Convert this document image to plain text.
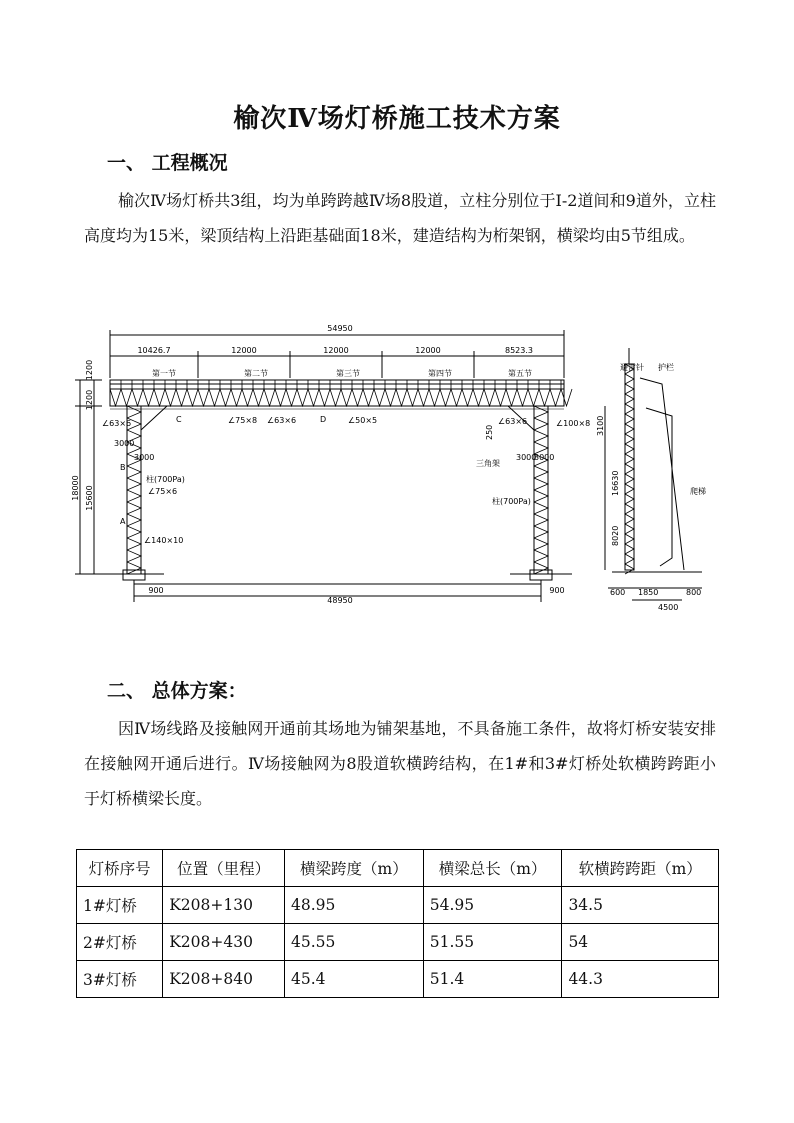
榆次Ⅳ场灯桥施工技术方案
一、 工程概况
榆次Ⅳ场灯桥共3组，均为单跨跨越Ⅳ场8股道，立柱分别位于Ⅰ-2道间和9道外，立柱高度均为15米，梁顶结构上沿距基础面18米，建造结构为桁架钢，横梁均由5节组成。
54950
10426.7	12000	12000	12000	8523.3
48950
900	900
18000 15600
1200
1200
第一节	第二节	第三节	第四节	第五节
C	D
B
A
∠75×8 ∠63×6	∠50×5
∠63×6	∠100×8
∠63×6
∠75×6
∠140×10
250
3000
3000	3000
3000
3100
柱(700Pa)
柱(700Pa)
三角架
16630
8020
600 1850	800
4500
避雷针 护栏
爬梯
二、 总体方案：
因Ⅳ场线路及接触网开通前其场地为铺架基地，不具备施工条件，故将灯桥安装安排在接触网开通后进行。Ⅳ场接触网为8股道软横跨结构，在1#和3#灯桥处软横跨跨距小于灯桥横梁长度。
灯桥序号	位置（里程）	横梁跨度（m）	横梁总长（m）	软横跨跨距（m）
1#灯桥	K208+130	48.95	54.95	34.5
2#灯桥	K208+430	45.55	51.55	54
3#灯桥	K208+840	45.4	51.4	44.3
